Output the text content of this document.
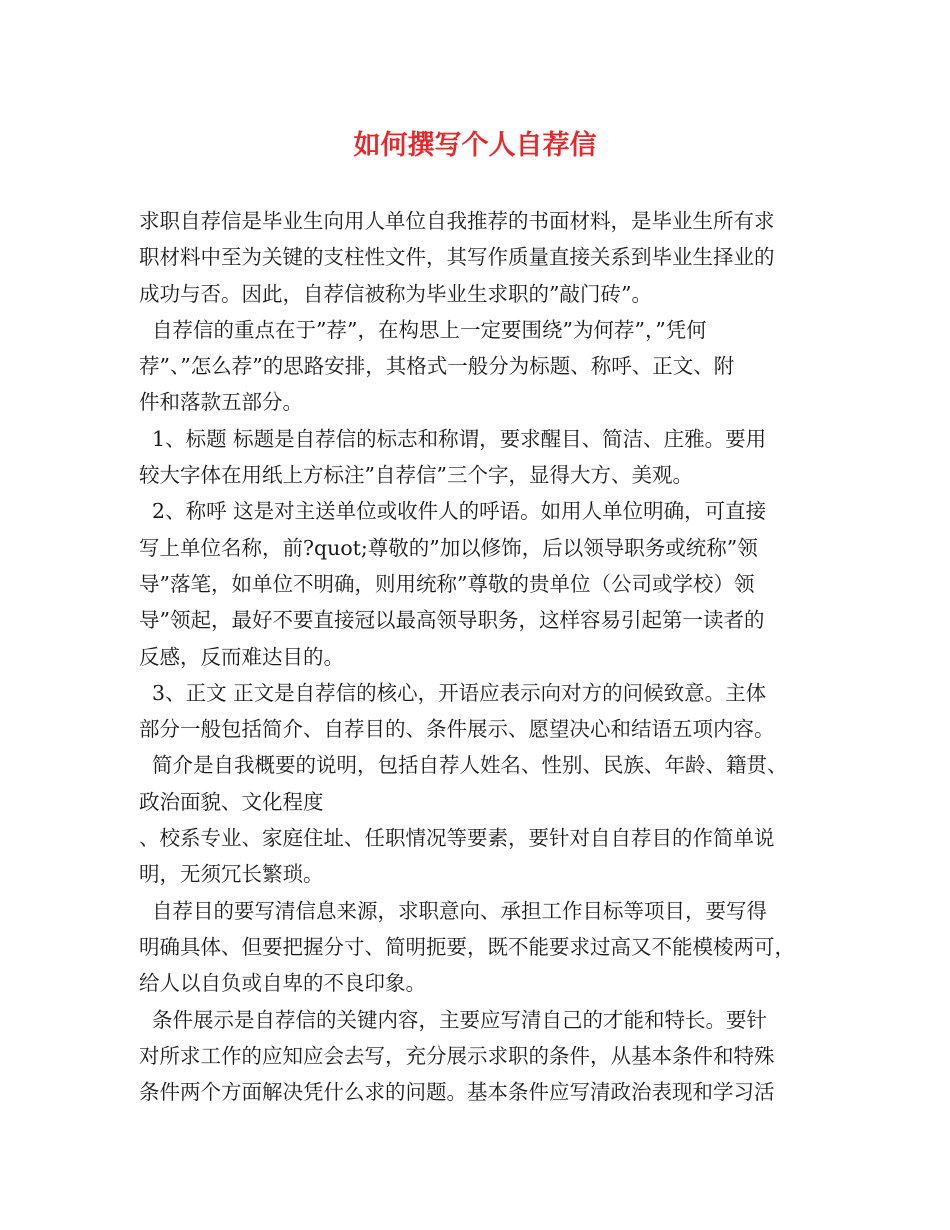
如何撰写个人自荐信

求职自荐信是毕业生向用人单位自我推荐的书面材料，是毕业生所有求

职材料中至为关键的支柱性文件，其写作质量直接关系到毕业生择业的

成功与否。因此，自荐信被称为毕业生求职的”敲门砖”。

自荐信的重点在于”荐”，在构思上一定要围绕”为何荐”，”凭何

荐”、”怎么荐”的思路安排，其格式一般分为标题、称呼、正文、附

件和落款五部分。

1、标题 标题是自荐信的标志和称谓，要求醒目、简洁、庄雅。要用

较大字体在用纸上方标注”自荐信”三个字，显得大方、美观。

2、称呼 这是对主送单位或收件人的呼语。如用人单位明确，可直接

写上单位名称，前?quot;尊敬的”加以修饰，后以领导职务或统称”领

导”落笔，如单位不明确，则用统称”尊敬的贵单位（公司或学校）领

导”领起，最好不要直接冠以最高领导职务，这样容易引起第一读者的

反感，反而难达目的。

3、正文 正文是自荐信的核心，开语应表示向对方的问候致意。主体

部分一般包括简介、自荐目的、条件展示、愿望决心和结语五项内容。

简介是自我概要的说明，包括自荐人姓名、性别、民族、年龄、籍贯、

政治面貌、文化程度

、校系专业、家庭住址、任职情况等要素，要针对自自荐目的作简单说

明，无须冗长繁琐。

自荐目的要写清信息来源，求职意向、承担工作目标等项目，要写得

明确具体、但要把握分寸、简明扼要，既不能要求过高又不能模棱两可，

给人以自负或自卑的不良印象。

条件展示是自荐信的关键内容，主要应写清自己的才能和特长。要针

对所求工作的应知应会去写，充分展示求职的条件，从基本条件和特殊

条件两个方面解决凭什么求的问题。基本条件应写清政治表现和学习活
